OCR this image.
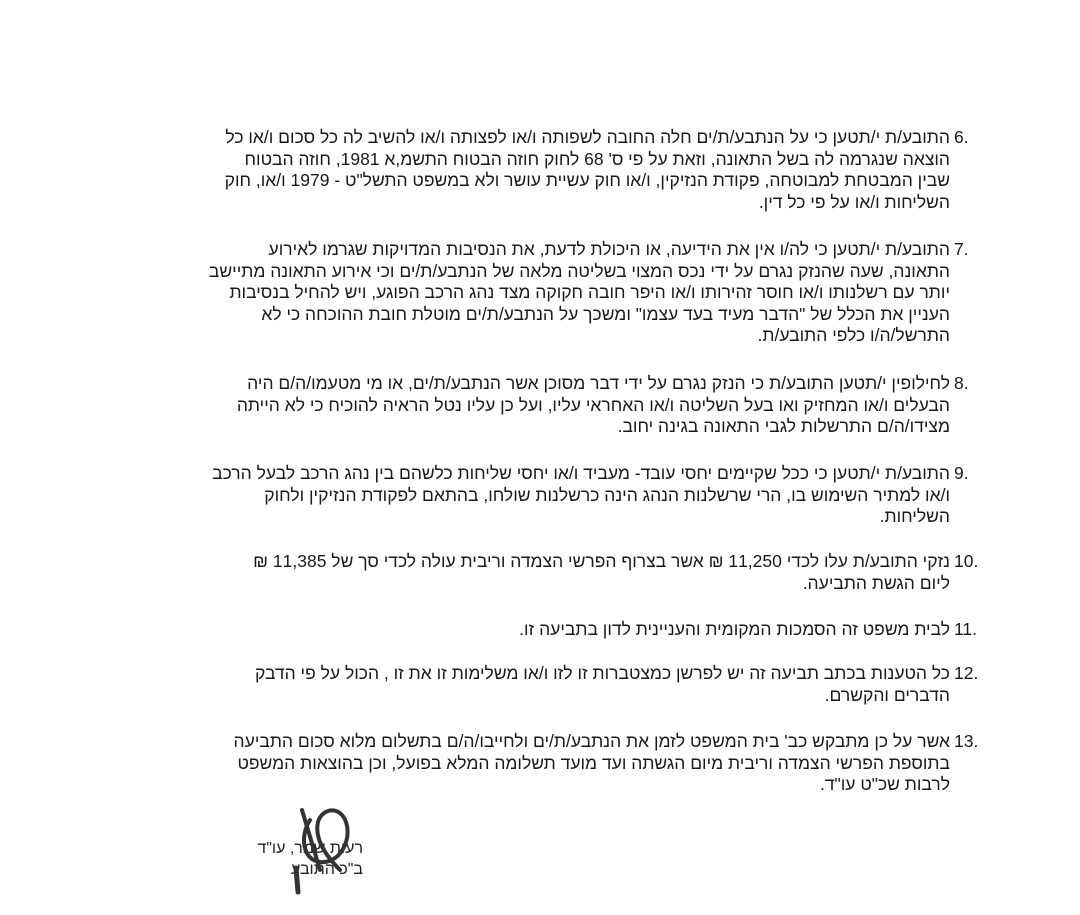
6.
התובע/ת י/תטען כי על הנתבע/ת/ים חלה החובה לשפותה ו/או לפצותה ו/או להשיב לה כל סכום ו/או כל
הוצאה שנגרמה לה בשל התאונה, וזאת על פי ס' 68 לחוק חוזה הבטוח התשמ,א 1981, חוזה הבטוח
שבין המבטחת למבוטחה, פקודת הנזיקין, ו/או חוק עשיית עושר ולא במשפט התשל"ט - 1979 ו/או, חוק
השליחות ו/או על פי כל דין.
7.
התובע/ת י/תטען כי לה/ו אין את הידיעה, או היכולת לדעת, את הנסיבות המדויקות שגרמו לאירוע
התאונה, שעה שהנזק נגרם על ידי נכס המצוי בשליטה מלאה של הנתבע/ת/ים וכי אירוע התאונה מתיישב
יותר עם רשלנותו ו/או חוסר זהירותו ו/או היפר חובה חקוקה מצד נהג הרכב הפוגע, ויש להחיל בנסיבות
העניין את הכלל של "הדבר מעיד בעד עצמו" ומשכך על הנתבע/ת/ים מוטלת חובת ההוכחה כי לא
התרשל/ה/ו כלפי התובע/ת.
8.
לחילופין י/תטען התובע/ת כי הנזק נגרם על ידי דבר מסוכן אשר הנתבע/ת/ים, או מי מטעמו/ה/ם היה
הבעלים ו/או המחזיק ואו בעל השליטה ו/או האחראי עליו, ועל כן עליו נטל הראיה להוכיח כי לא הייתה
מצידו/ה/ם התרשלות לגבי התאונה בגינה יחוב.
9.
התובע/ת י/תטען כי ככל שקיימים יחסי עובד- מעביד ו/או יחסי שליחות כלשהם בין נהג הרכב לבעל הרכב
ו/או למתיר השימוש בו, הרי שרשלנות הנהג הינה כרשלנות שולחו, בהתאם לפקודת הנזיקין ולחוק
השליחות.
10.
נזקי התובע/ת עלו לכדי 11,250 ₪ אשר בצרוף הפרשי הצמדה וריבית עולה לכדי סך של 11,385 ₪
ליום הגשת התביעה.
11.
לבית משפט זה הסמכות המקומית והעניינית לדון בתביעה זו.
12.
כל הטענות בכתב תביעה זה יש לפרשן כמצטברות זו לזו ו/או משלימות זו את זו , הכול על פי הדבק
הדברים והקשרם.
13.
אשר על כן מתבקש כב' בית המשפט לזמן את הנתבע/ת/ים ולחייבו/ה/ם בתשלום מלוא סכום התביעה
בתוספת הפרשי הצמדה וריבית מיום הגשתה ועד מועד תשלומה המלא בפועל, וכן בהוצאות המשפט
לרבות שכ"ט עו"ד.
רעות שמר, עו"ד
ב"כ התובע
